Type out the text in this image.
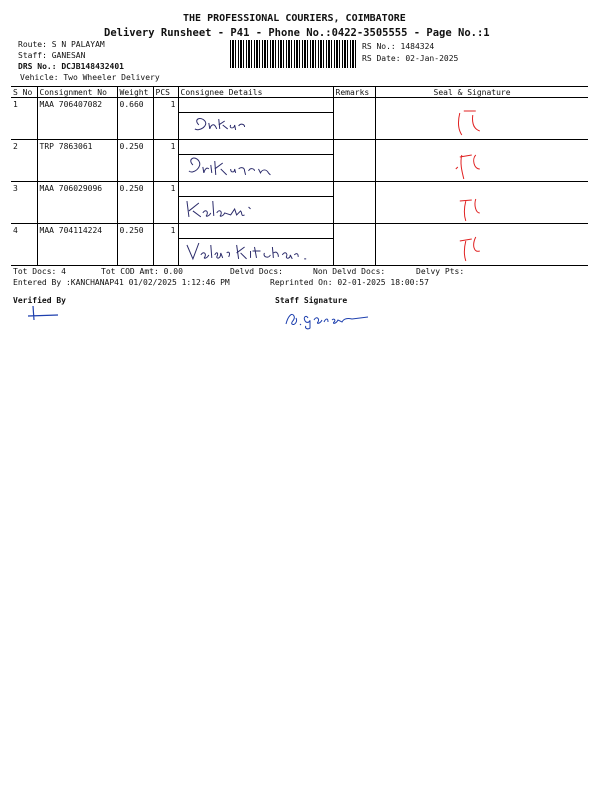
THE PROFESSIONAL COURIERS, COIMBATORE
Delivery Runsheet - P41 - Phone No.:0422-3505555 - Page No.:1
Route: S N PALAYAM
Staff: GANESAN
DRS No.: DCJB148432401
Vehicle: Two Wheeler Delivery
RS No.: 1484324
RS Date: 02-Jan-2025
S No	Consignment No	Weight	PCS	Consignee Details	Remarks	Seal & Signature
1	MAA 706407082	0.660	1	

2	TRP 7863061	0.250	1	

3	MAA 706029096	0.250	1	

4	MAA 704114224	0.250	1	

Tot Docs: 4	Tot COD Amt: 0.00	Delvd Docs:	Non Delvd Docs:	Delvy Pts:
Entered By :KANCHANAP41 01/02/2025 1:12:46 PM	Reprinted On: 02-01-2025 18:00:57
Verified By	Staff Signature
